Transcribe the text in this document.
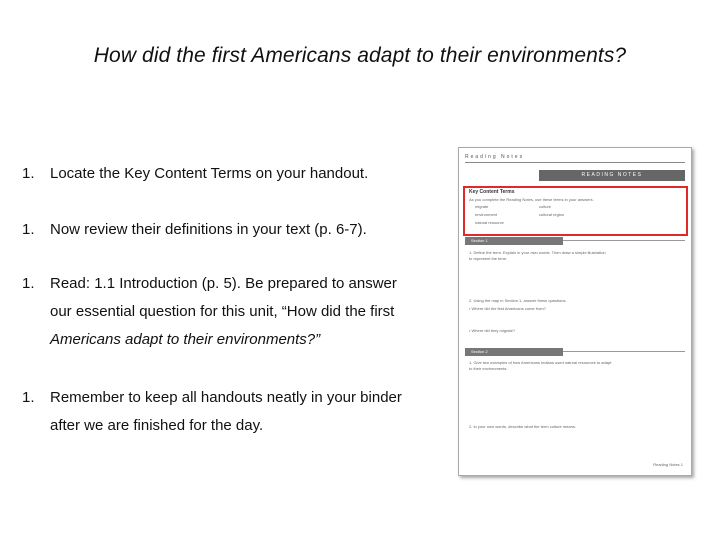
How did the first Americans adapt to their environments?
1.	Locate the Key Content Terms on your handout.
1.	Now review their definitions in your text (p. 6-7).
1.	Read: 1.1 Introduction (p. 5). Be prepared to answer
our essential question for this unit, “How did the first
Americans adapt to their environments?”
1.	Remember to keep all handouts neatly in your binder
after we are finished for the day.
Reading Notes
READING NOTES
Key Content Terms
As you complete the Reading Notes, use these terms in your answers.
migrate	culture
environment	cultural region
natural resource
Section 1
1. Define the term. Explain in your own words. Then draw a simple illustration
to represent the term.
2. Using the map in Section 1, answer these questions.
• Where did the first Americans come from?
• Where did they migrate?
Section 2
1. Give two examples of how Americans Indians used natural resources to adapt
to their environments.
2. In your own words, describe what the term culture means.
Reading Notes 1
